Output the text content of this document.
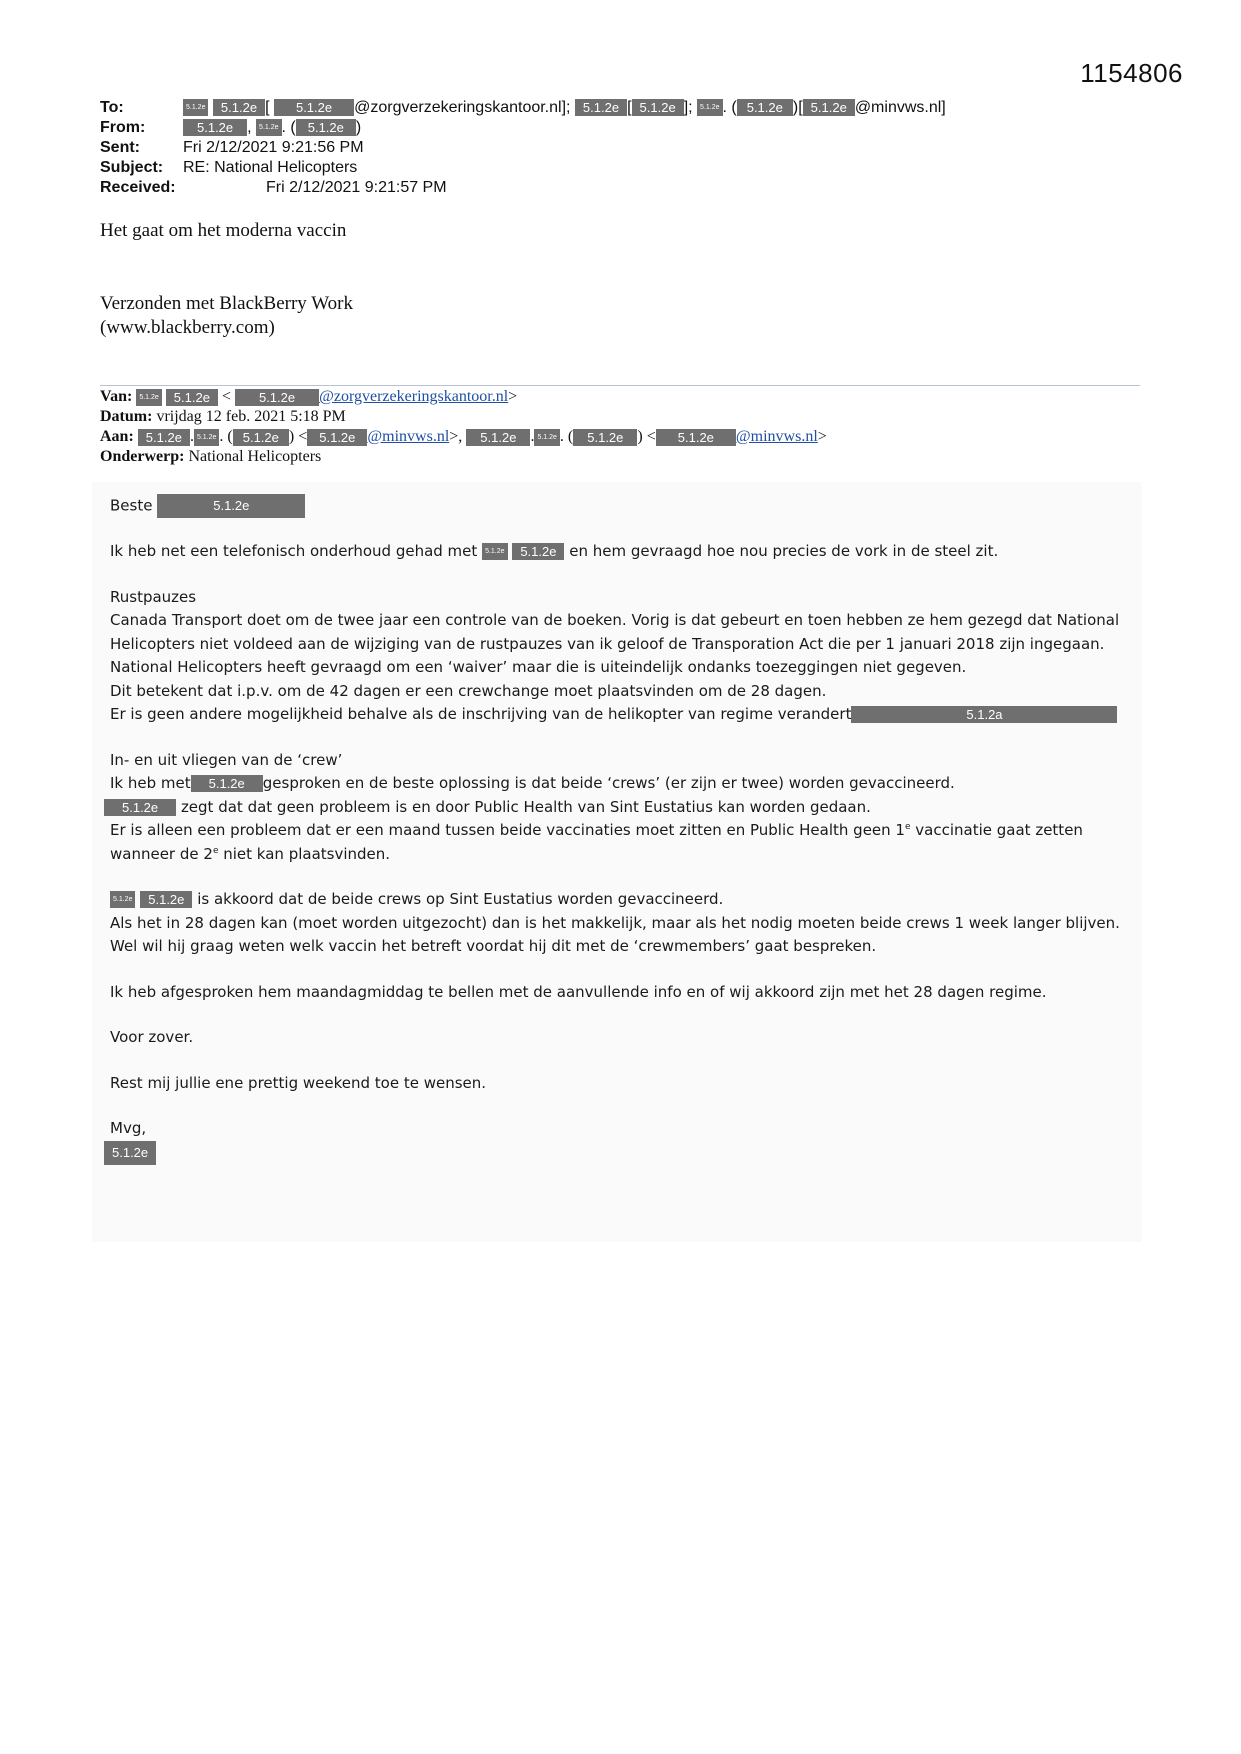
1154806
To:	5.1.2e 5.1.2e [ 5.1.2e @zorgverzekeringskantoor.nl]; 5.1.2e [ 5.1.2e ]; 5.1.2e . ( 5.1.2e )[ 5.1.2e @minvws.nl]
From:	5.1.2e , 5.1.2e . ( 5.1.2e )
Sent:	Fri 2/12/2021 9:21:56 PM
Subject:	RE: National Helicopters
Received:	Fri 2/12/2021 9:21:57 PM
Het gaat om het moderna vaccin
Verzonden met BlackBerry Work
(www.blackberry.com)
Van: 5.1.2e 5.1.2e < 5.1.2e @zorgverzekeringskantoor.nl>
Datum: vrijdag 12 feb. 2021 5:18 PM
Aan: 5.1.2e . 5.1.2e . ( 5.1.2e ) < 5.1.2e @minvws.nl>, 5.1.2e . 5.1.2e . ( 5.1.2e ) < 5.1.2e @minvws.nl>
Onderwerp: National Helicopters

Beste	5.1.2e

Ik heb net een telefonisch onderhoud gehad met 5.1.2e 5.1.2e en hem gevraagd hoe nou precies de vork in de steel zit.

Rustpauzes
Canada Transport doet om de twee jaar een controle van de boeken. Vorig is dat gebeurt en toen hebben ze hem gezegd dat National Helicopters niet voldeed aan de wijziging van de rustpauzes van ik geloof de Transporation Act die per 1 januari 2018 zijn ingegaan.
National Helicopters heeft gevraagd om een ‘waiver’ maar die is uiteindelijk ondanks toezeggingen niet gegeven.
Dit betekent dat i.p.v. om de 42 dagen er een crewchange moet plaatsvinden om de 28 dagen.
Er is geen andere mogelijkheid behalve als de inschrijving van de helikopter van regime verandert	5.1.2a
In- en uit vliegen van de ‘crew’
Ik heb met 5.1.2e gesproken en de beste oplossing is dat beide ‘crews’ (er zijn er twee) worden gevaccineerd.
5.1.2e zegt dat dat geen probleem is en door Public Health van Sint Eustatius kan worden gedaan.
Er is alleen een probleem dat er een maand tussen beide vaccinaties moet zitten en Public Health geen 1e vaccinatie gaat zetten wanneer de 2e niet kan plaatsvinden.
5.1.2e 5.1.2e is akkoord dat de beide crews op Sint Eustatius worden gevaccineerd.
Als het in 28 dagen kan (moet worden uitgezocht) dan is het makkelijk, maar als het nodig moeten beide crews 1 week langer blijven.
Wel wil hij graag weten welk vaccin het betreft voordat hij dit met de ‘crewmembers’ gaat bespreken.

Ik heb afgesproken hem maandagmiddag te bellen met de aanvullende info en of wij akkoord zijn met het 28 dagen regime.

Voor zover.

Rest mij jullie ene prettig weekend toe te wensen.

Mvg,
5.1.2e
